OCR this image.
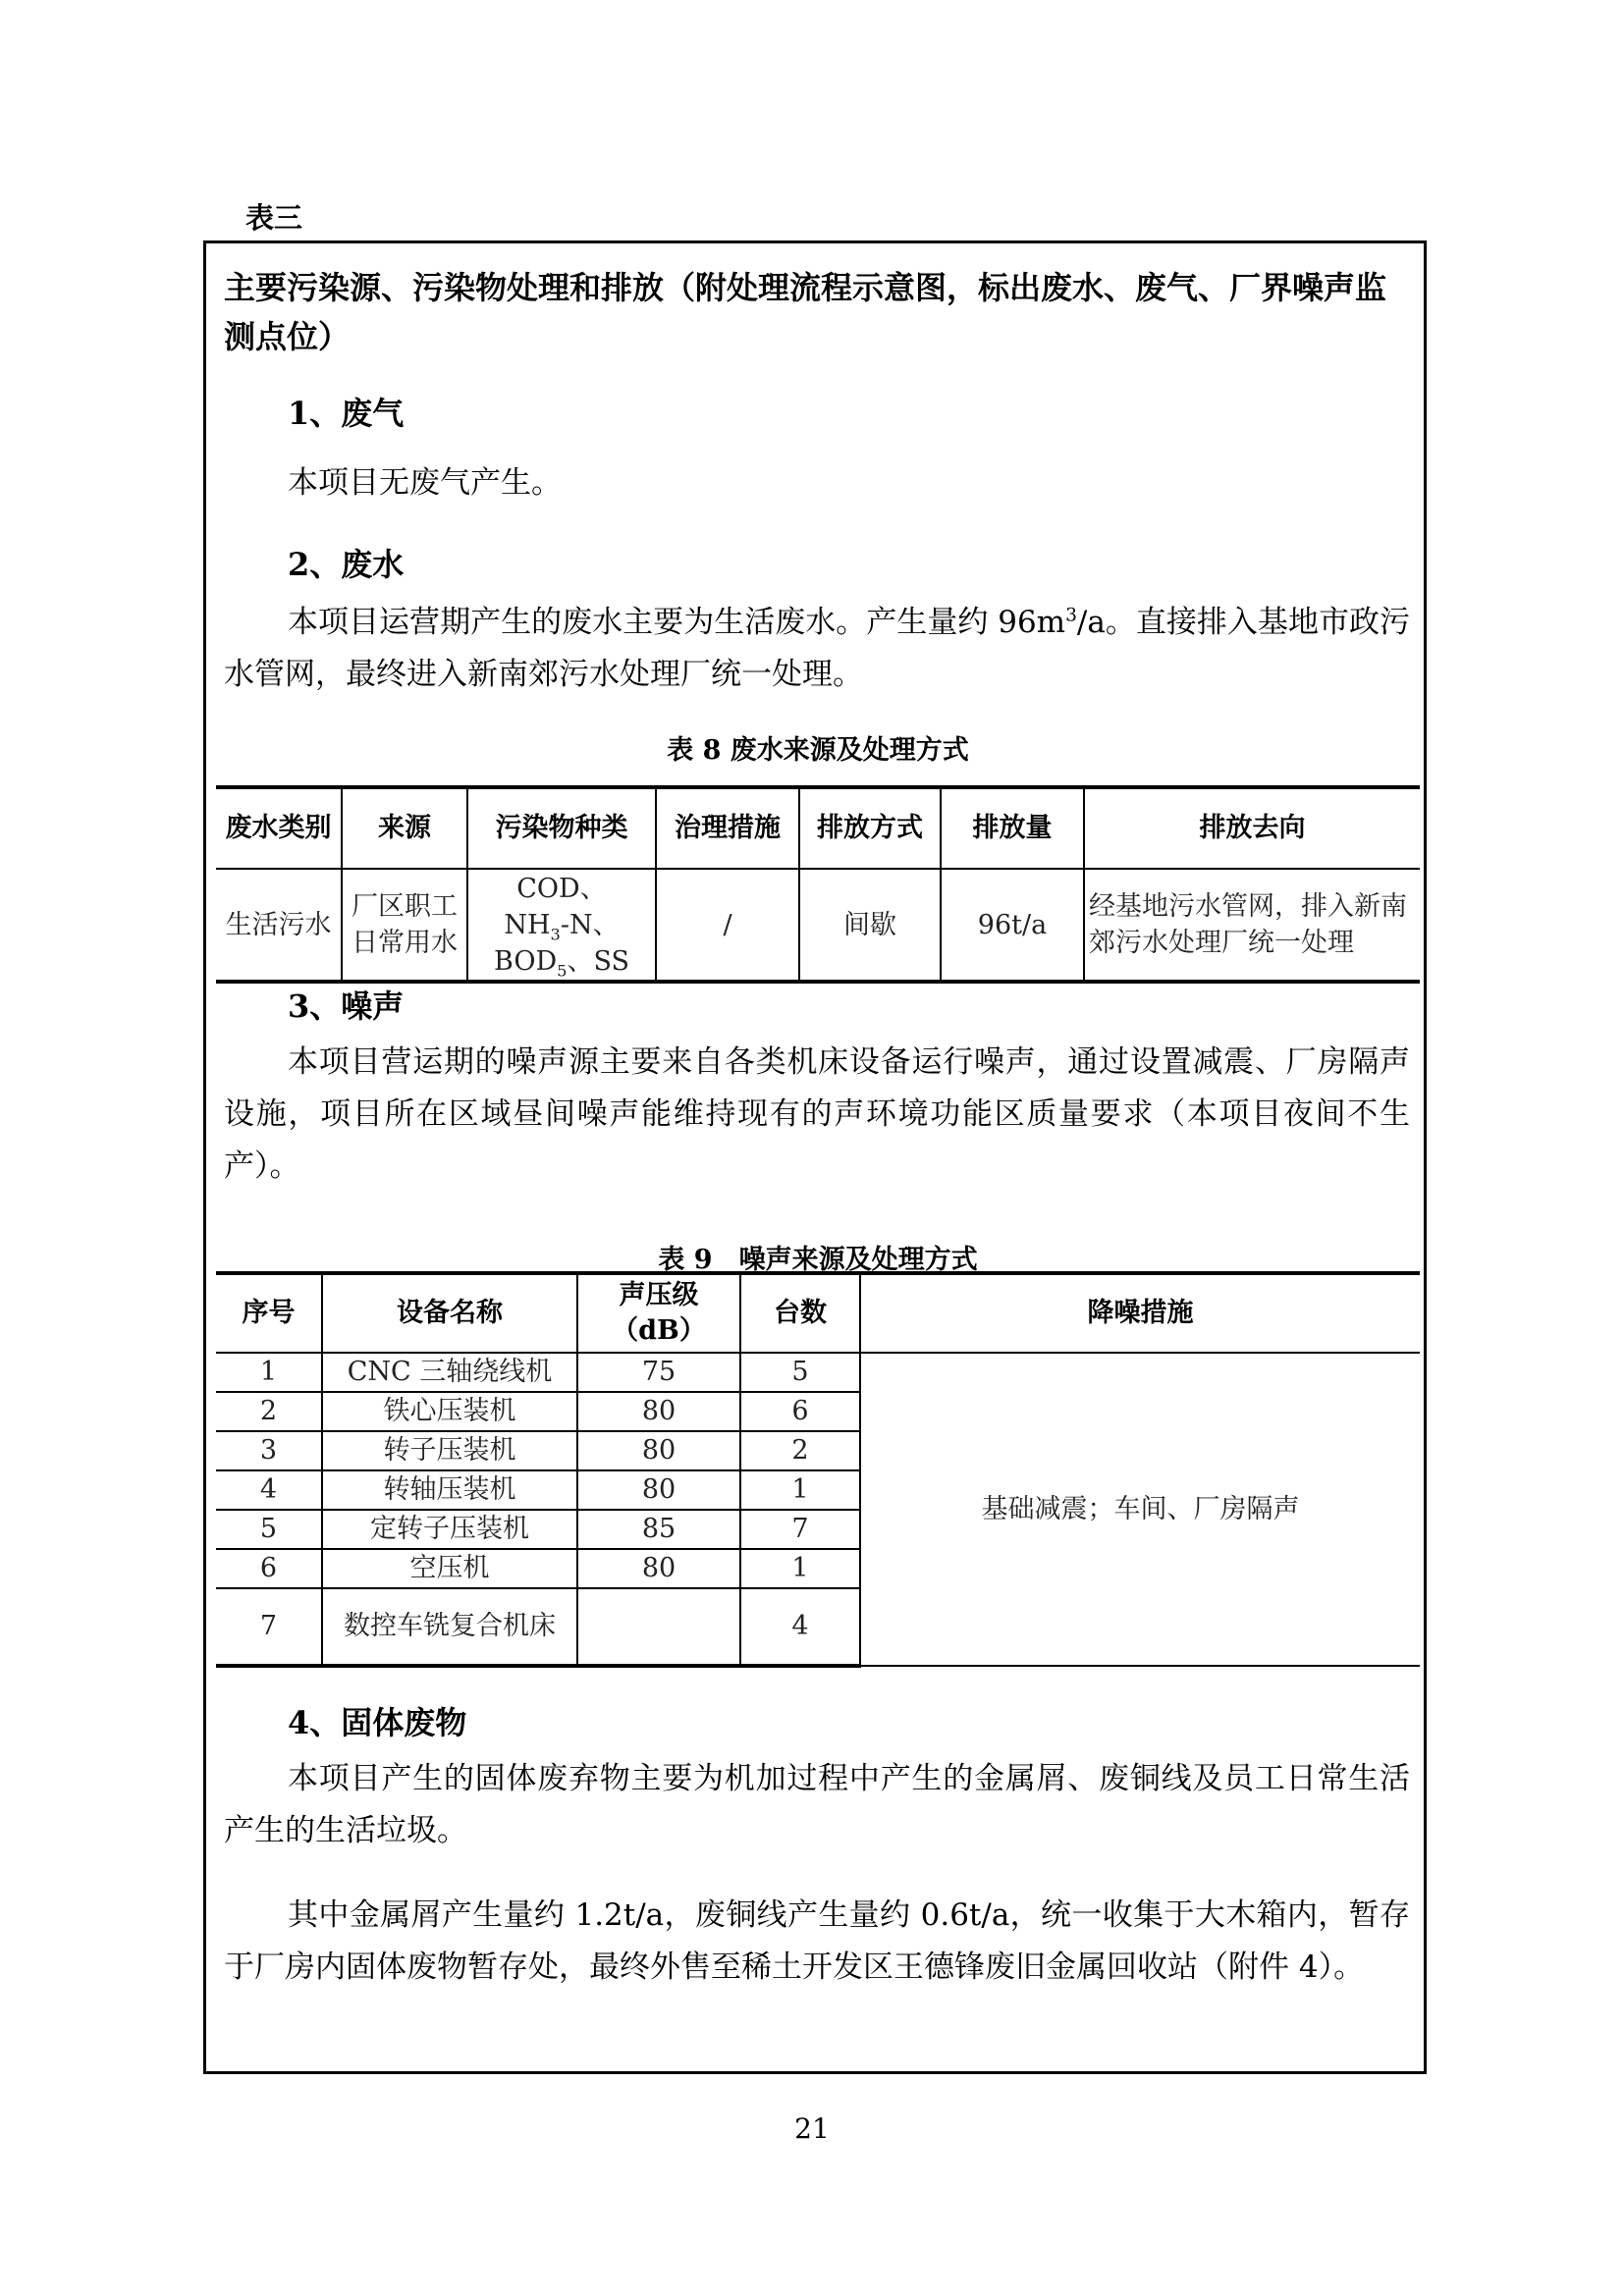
表三
主要污染源、污染物处理和排放（附处理流程示意图，标出废水、废气、厂界噪声监测点位）
1、废气
本项目无废气产生。
2、废水
本项目运营期产生的废水主要为生活废水。产生量约 $96m^3/a$。直接排入基地市政污水管网，最终进入新南郊污水处理厂统一处理。
表 8 废水来源及处理方式
废水类别	来源	污染物种类	治理措施	排放方式	排放量	排放去向
生活污水	厂区职工日常用水	COD、
$NH_3-N$、
$BOD_5$、SS	/	间歇	96t/a	经基地污水管网，排入新南郊污水处理厂统一处理
3、噪声
本项目营运期的噪声源主要来自各类机床设备运行噪声，通过设置减震、厂房隔声设施，项目所在区域昼间噪声能维持现有的声环境功能区质量要求（本项目夜间不生产）。
表 9　噪声来源及处理方式
序号	设备名称	声压级（dB）	台数	降噪措施
1	CNC 三轴绕线机	75	5	基础减震；车间、厂房隔声
2	铁心压装机	80	6	
3	转子压装机	80	2	
4	转轴压装机	80	1	
5	定转子压装机	85	7	
6	空压机	80	1	
7	数控车铣复合机床		4	
4、固体废物
本项目产生的固体废弃物主要为机加过程中产生的金属屑、废铜线及员工日常生活产生的生活垃圾。
其中金属屑产生量约 1.2t/a，废铜线产生量约 0.6t/a，统一收集于大木箱内，暂存于厂房内固体废物暂存处，最终外售至稀土开发区王德锋废旧金属回收站（附件 4）。
21
